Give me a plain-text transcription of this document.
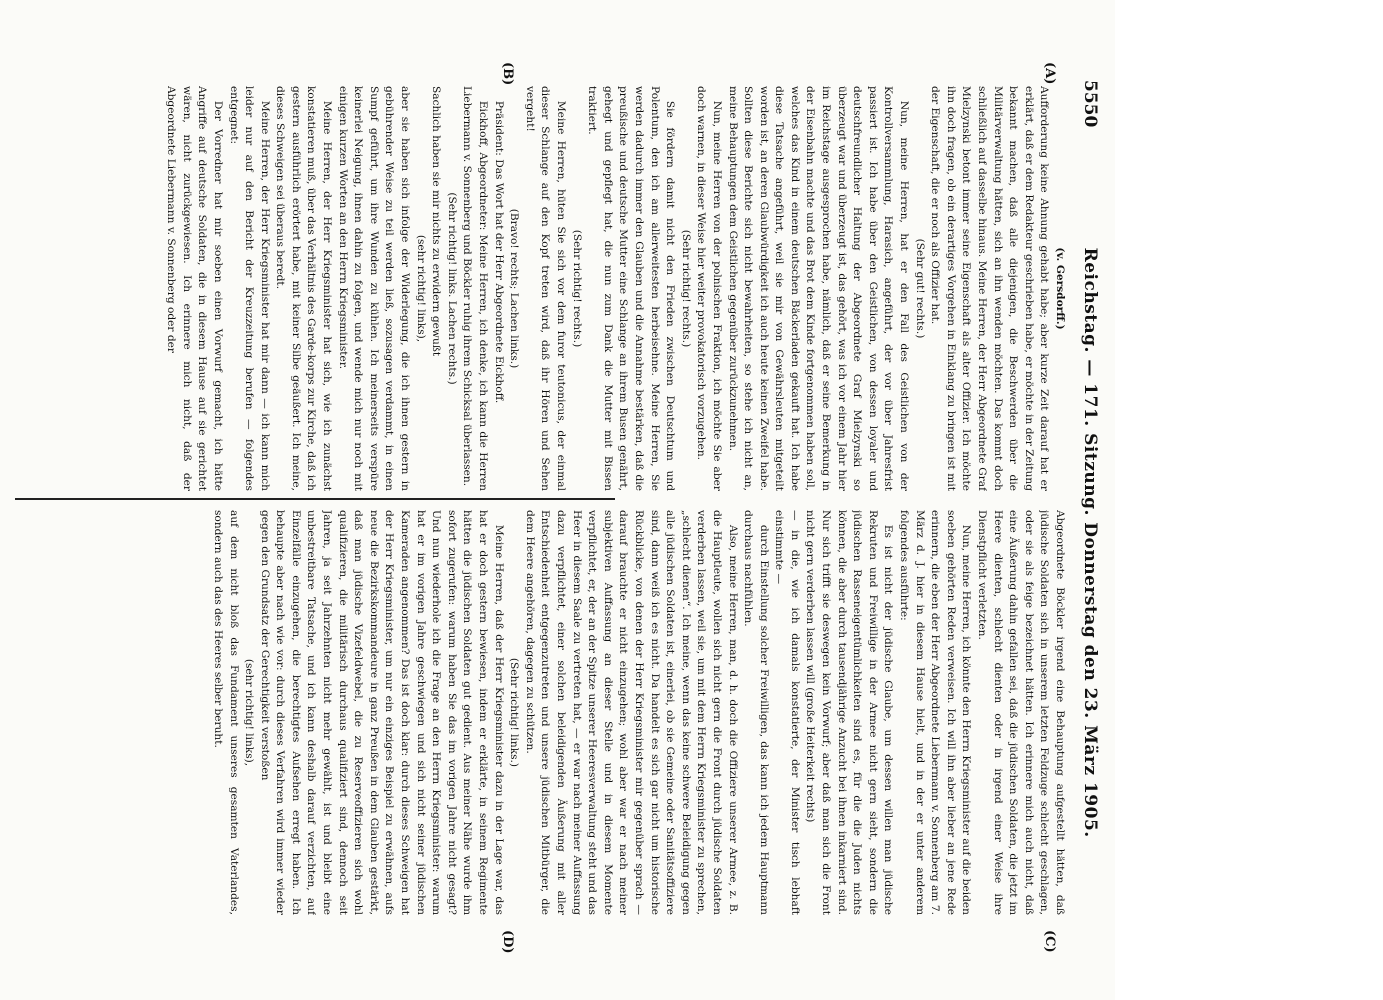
5550
Reichstag. — 171. Sitzung. Donnerstag den 23. März 1905.
(A)
(B)
(C)
(D)

(v. Gersdorff.)

Aufforderung keine Ahnung gehabt habe; aber kurze Zeit darauf hat er erklärt, daß er dem Redakteur geschrieben habe, er möchte in der Zeitung bekannt machen, daß alle diejenigen, die Beschwerden über die Militärverwaltung hätten, sich an ihn wenden möchten. Das kommt doch schließlich auf dasselbe hinaus. Meine Herren, der Herr Abgeordnete Graf Mielzynski betont immer seine Eigenschaft als alter Offizier. Ich möchte ihn doch fragen, ob ein derartiges Vorgehen in Einklang zu bringen ist mit der Eigenschaft, die er noch als Offizier hat.

(Sehr gut! rechts.)

Nun, meine Herren, hat er den Fall des Geistlichen von der Kontrollversammlung, Harasich, angeführt, der vor über Jahresfrist passiert ist. Ich habe über den Geistlichen, von dessen loyaler und deutschfreundlicher Haltung der Abgeordnete Graf Mielzynski so überzeugt war und überzeugt ist, das gehört, was ich vor einem Jahr hier im Reichstage ausgesprochen habe, nämlich, daß er seine Bemerkung in der Eisenbahn machte und das Brot dem Kinde fortgenommen haben soll, welches das Kind in einem deutschen Bäckerladen gekauft hat. Ich habe diese Tatsache angeführt, weil sie mir von Gewährsleuten mitgeteilt worden ist, an deren Glaubwürdigkeit ich auch heute keinen Zweifel habe. Sollten diese Berichte sich nicht bewahrheiten, so stehe ich nicht an, meine Behauptungen dem Geistlichen gegenüber zurückzunehmen.

Nun, meine Herren von der polnischen Fraktion, ich möchte Sie aber doch warnen, in dieser Weise hier weiter provokatorisch vorzugehen.

(Sehr richtig! rechts.)

Sie fördern damit nicht den Frieden zwischen Deutschtum und Polentum, den ich am allerweitesten herbeisehne. Meine Herren, Sie werden dadurch immer den Glauben und die Annahme bestärken, daß die preußische und deutsche Mutter eine Schlange an ihrem Busen genährt, gehegt und gepflegt hat, die nun zum Dank die Mutter mit Bissen traktiert.

(Sehr richtig! rechts.)

Meine Herren, hüten Sie sich vor dem furor teutonicus, der einmal dieser Schlange auf den Kopf treten wird, daß ihr Hören und Sehen vergeht!

(Bravo! rechts; Lachen links.)

Präsident: Das Wort hat der Herr Abgeordnete Eickhoff.

Eickhoff, Abgeordneter: Meine Herren, ich denke, ich kann die Herren Liebermann v. Sonnenberg und Böckler ruhig ihrem Schicksal überlassen.

(Sehr richtig! links. Lachen rechts.)

Sachlich haben sie mir nichts zu erwidern gewußt

(sehr richtig! links),

aber sie haben sich infolge der Widerlegung, die ich ihnen gestern in gebührender Weise zu teil werden ließ, sozusagen verdammt, in einen Sumpf geführt, um ihre Wunden zu kühlen. Ich meinerseits verspüre keinerlei Neigung, ihnen dahin zu folgen, und wende mich nur noch mit einigen kurzen Worten an den Herrn Kriegsminister.

Meine Herren, der Herr Kriegsminister hat sich, wie ich zunächst konstatieren muß, über das Verhältnis des Garde-korps zur Kirche, daß ich gestern ausführlich erörtert habe, mit keiner Silbe geäußert. Ich meine, dieses Schweigen sei überaus beredt.

Meine Herren, der Herr Kriegsminister hat mir dann — ich kann mich leider nur auf den Bericht der Kreuzzeitung berufen — folgendes entgegnet:

Der Vorredner hat mir soeben einen Vorwurf gemacht, ich hätte Angriffe auf deutsche Soldaten, die in diesem Hause auf sie gerichtet wären, nicht zurückgewiesen. Ich erinnere mich nicht, daß der Abgeordnete Liebermann v. Sonnenberg oder der

Abgeordnete Böckler irgend eine Behauptung aufgestellt hätten, daß jüdische Soldaten sich in unserem letzten Feldzuge schlecht geschlagen, oder sie als feige bezeichnet hätten. Ich erinnere mich auch nicht, daß eine Äußerung dahin gefallen sei, daß die jüdischen Soldaten, die jetzt im Heere dienten, schlecht dienten oder in irgend einer Weise ihre Dienstpflicht verletzten.

Nun, meine Herren, ich könnte den Herrn Kriegsminister auf die beiden soeben gehörten Reden verweisen. Ich will ihn aber lieber an jene Rede erinnern, die eben der Herr Abgeordnete Liebermann v. Sonnenberg am 7. März d. J. hier in diesem Hause hielt, und in der er unter anderem folgendes ausführte:

Es ist nicht der jüdische Glaube, um dessen willen man jüdische Rekruten und Freiwillige in der Armee nicht gern sieht, sondern die jüdischen Rasseneigentümlichkeiten sind es, für die die Juden nichts können, die aber durch tausendjährige Anzucht bei ihnen inkarniert sind. Nur sich trifft sie deswegen kein Vorwurf; aber daß man sich die Front nicht gern verderben lassen will (große Heiterkeit rechts)

— in die, wie ich damals konstatierte, der Minister tisch lebhaft einstimmte —

durch Einstellung solcher Freiwilligen, das kann ich jedem Hauptmann durchaus nachfühlen.

Also, meine Herren, man, d. h. doch die Offiziere unserer Armee, z. B. die Hauptleute, wollen sich nicht gern die Front durch jüdische Soldaten verderben lassen, weil sie, um mit dem Herrn Kriegsminister zu sprechen, „schlecht dienen“. Ich meine, wenn das keine schwere Beleidigung gegen alle jüdischen Soldaten ist, einerlei, ob sie Gemeine oder Sanitätsoffiziere sind, dann weiß ich es nicht. Da handelt es sich gar nicht um historische Rückblicke, von denen der Herr Kriegsminister mir gegenüber sprach — darauf brauchte er nicht einzugehen; wohl aber war er nach meiner subjektiven Auffassung an dieser Stelle und in diesem Momente verpflichtet, er, der an der Spitze unserer Heeresverwaltung steht und das Heer in diesem Saale zu vertreten hat, — er war nach meiner Auffassung dazu verpflichtet, einer solchen beleidigenden Äußerung mit aller Entschiedenheit entgegenzutreten und unsere jüdischen Mitbürger, die dem Heere angehören, dagegen zu schützen.

(Sehr richtig! links.)

Meine Herren, daß der Herr Kriegsminister dazu in der Lage war, das hat er doch gestern bewiesen, indem er erklärte, in seinem Regimente hätten die jüdischen Soldaten gut gedient. Aus meiner Nähe wurde ihm sofort zugerufen: warum haben Sie das im vorigen Jahre nicht gesagt? Und nun wiederhole ich die Frage an den Herrn Kriegsminister: warum hat er im vorigen Jahre geschwiegen und sich nicht seiner jüdischen Kameraden angenommen? Das ist doch klar: durch dieses Schweigen hat der Herr Kriegsminister, um nur ein einziges Beispiel zu erwähnen, aufs neue die Bezirkskommandeure in ganz Preußen in dem Glauben gestärkt, daß man jüdische Vizefeldwebel, die zu Reserveoffizieren sich wohl qualifizieren, die militärisch durchaus qualifiziert sind, dennoch seit Jahren, ja seit Jahrzehnten nicht mehr gewählt, ist und bleibt eine unbestreitbare Tatsache, und ich kann deshalb darauf verzichten, auf Einzelfälle einzugehen, die berechtigtes Aufsehen erregt haben. Ich behaupte aber nach wie vor: durch dieses Verfahren wird immer wieder gegen den Grundsatz der Gerechtigkeit verstoßen

(sehr richtig! links),

auf dem nicht bloß das Fundament unseres gesamten Vaterlandes, sondern auch das des Heeres selber beruht.
